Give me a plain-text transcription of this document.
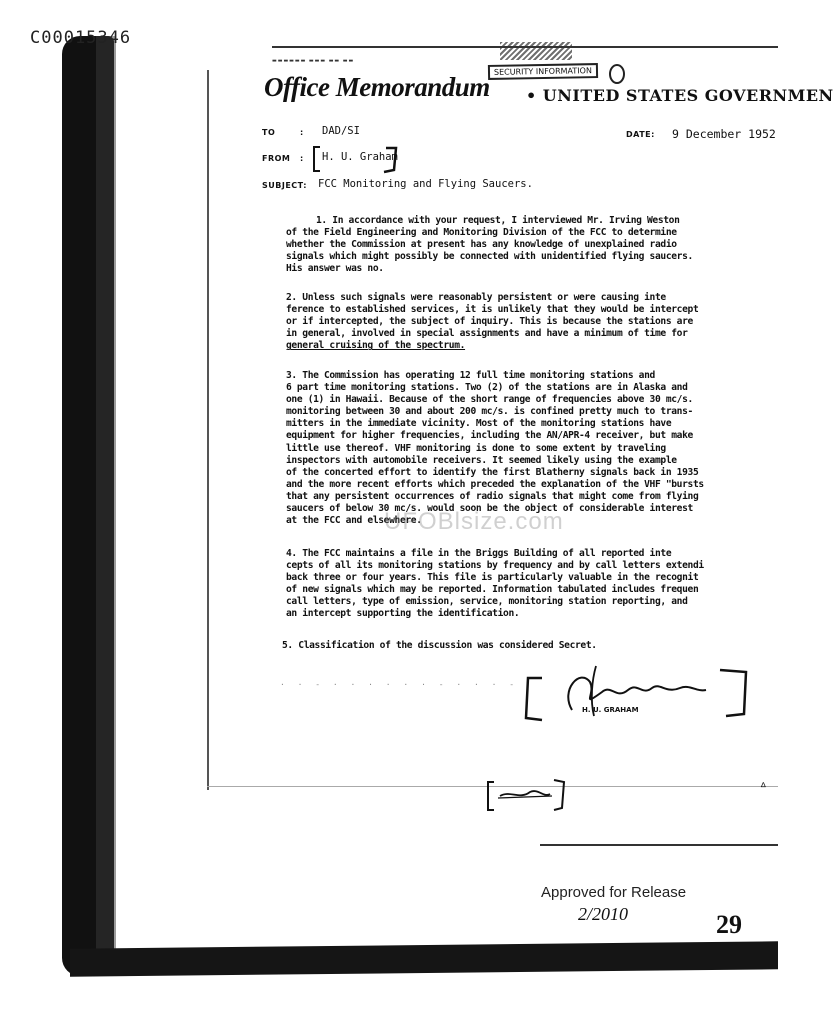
C00015346
▬▬▬▬▬▬ ▬▬▬ ▬▬ ▬▬
SECURITY INFORMATION
Office Memorandum • UNITED STATES GOVERNMEN
TO	: DAD/SI	DATE: 9 December 1952
FROM : H. U. Graham
SUBJECT: FCC Monitoring and Flying Saucers.
1. In accordance with your request, I interviewed Mr. Irving Weston
of the Field Engineering and Monitoring Division of the FCC to determine
whether the Commission at present has any knowledge of unexplained radio
signals which might possibly be connected with unidentified flying saucers.
His answer was no.
2. Unless such signals were reasonably persistent or were causing inte
ference to established services, it is unlikely that they would be intercept
or if intercepted, the subject of inquiry. This is because the stations are
in general, involved in special assignments and have a minimum of time for
general cruising of the spectrum.
3. The Commission has operating 12 full time monitoring stations and
6 part time monitoring stations. Two (2) of the stations are in Alaska and
one (1) in Hawaii. Because of the short range of frequencies above 30 mc/s.
monitoring between 30 and about 200 mc/s. is confined pretty much to trans-
mitters in the immediate vicinity. Most of the monitoring stations have
equipment for higher frequencies, including the AN/APR-4 receiver, but make
little use thereof. VHF monitoring is done to some extent by traveling
inspectors with automobile receivers. It seemed likely using the example
of the concerted effort to identify the first Blatherny signals back in 1935
and the more recent efforts which preceded the explanation of the VHF "bursts
that any persistent occurrences of radio signals that might come from flying
saucers of below 30 mc/s. would soon be the object of considerable interest
at the FCC and elsewhere.
UFOBlsize.com
4. The FCC maintains a file in the Briggs Building of all reported inte
cepts of all its monitoring stations by frequency and by call letters extendi
back three or four years. This file is particularly valuable in the recognit
of new signals which may be reported. Information tabulated includes frequen
call letters, type of emission, service, monitoring station reporting, and
an intercept supporting the identification.
5. Classification of the discussion was considered Secret.
· · - · · · · · · - · · · -
H. U. GRAHAM
ᐞ
Approved for Release
2/2010	29
